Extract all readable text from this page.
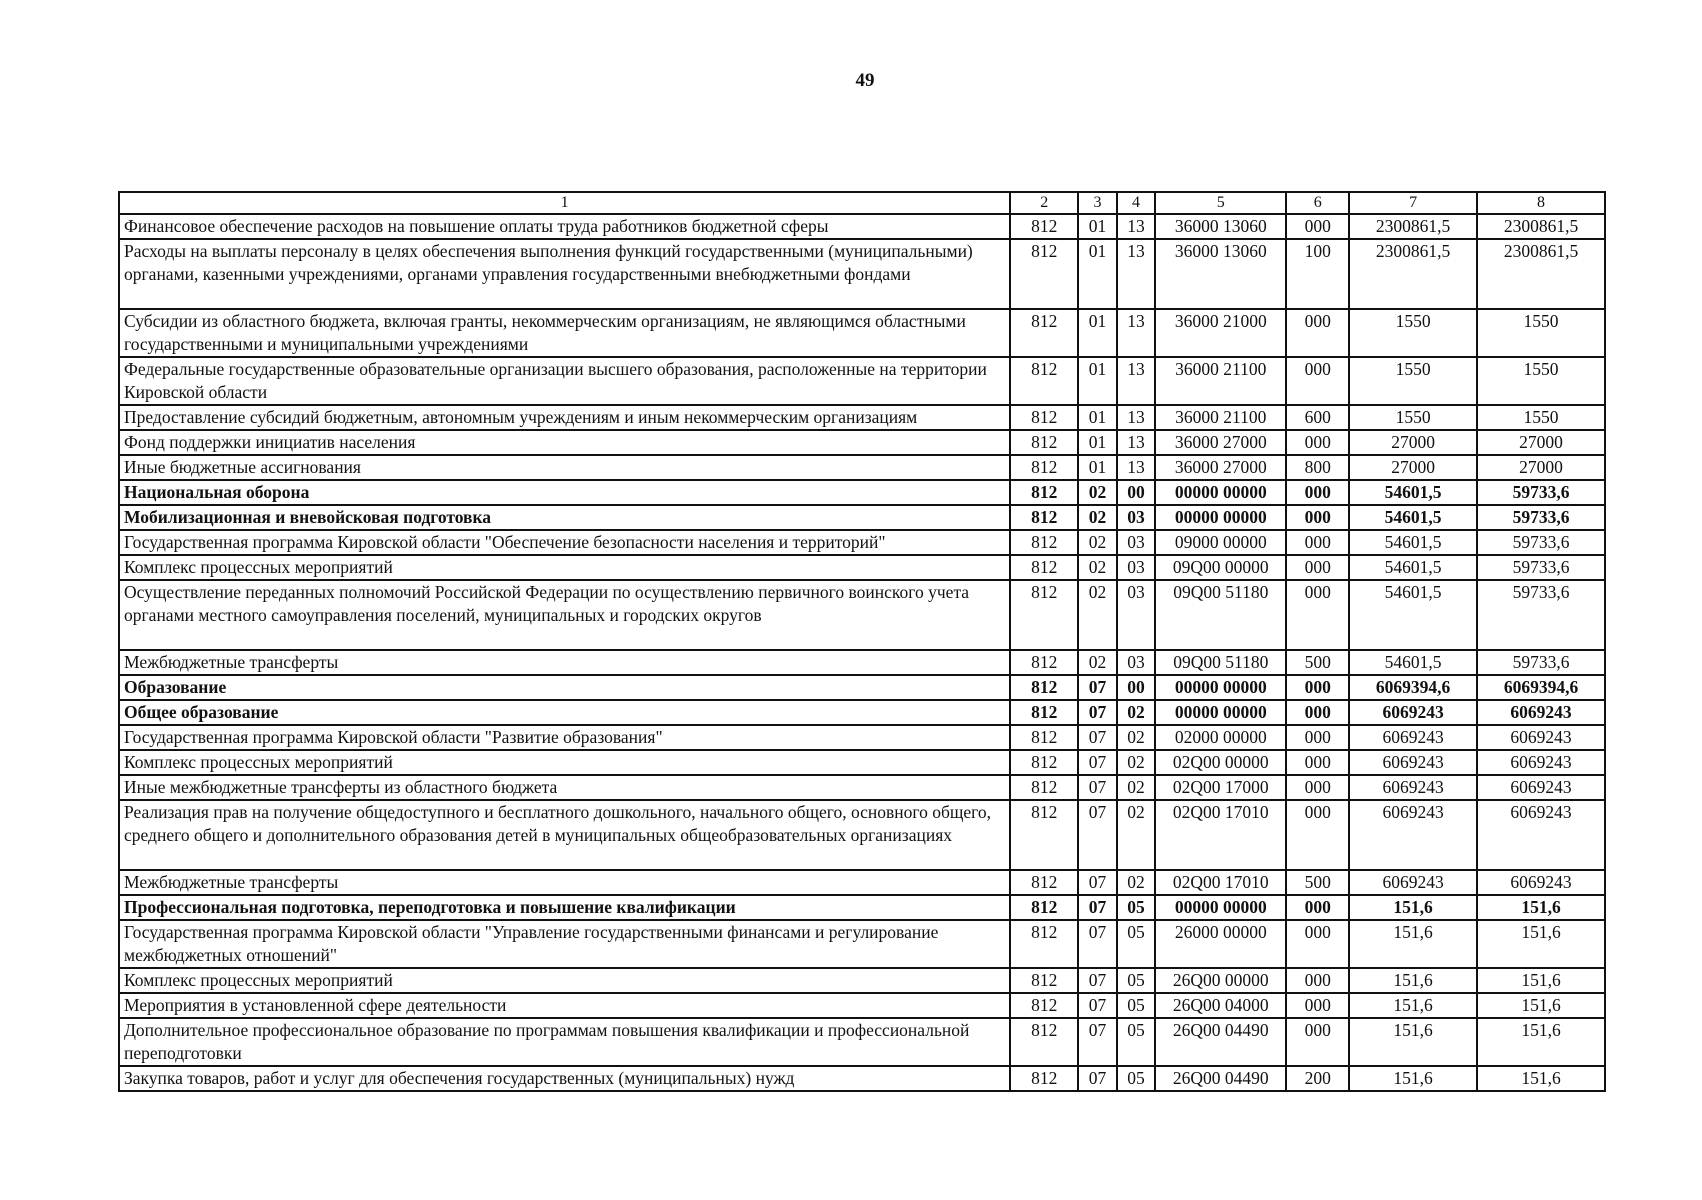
49
1	2	3	4	5	6	7	8
Финансовое обеспечение расходов на повышение оплаты труда работников бюджетной сферы	812	01	13	36000 13060	000	2300861,5	2300861,5
Расходы на выплаты персоналу в целях обеспечения выполнения функций государственными (муниципальными) органами, казенными учреждениями, органами управления государственными внебюджетными фондами	812	01	13	36000 13060	100	2300861,5	2300861,5
Субсидии из областного бюджета, включая гранты, некоммерческим организациям, не являющимся областными государственными и муниципальными учреждениями	812	01	13	36000 21000	000	1550	1550
Федеральные государственные образовательные организации высшего образования, расположенные на территории Кировской области	812	01	13	36000 21100	000	1550	1550
Предоставление субсидий бюджетным, автономным учреждениям и иным некоммерческим организациям	812	01	13	36000 21100	600	1550	1550
Фонд поддержки инициатив населения	812	01	13	36000 27000	000	27000	27000
Иные бюджетные ассигнования	812	01	13	36000 27000	800	27000	27000
Национальная оборона	812	02	00	00000 00000	000	54601,5	59733,6
Мобилизационная и вневойсковая подготовка	812	02	03	00000 00000	000	54601,5	59733,6
Государственная программа Кировской области "Обеспечение безопасности населения и территорий"	812	02	03	09000 00000	000	54601,5	59733,6
Комплекс процессных мероприятий	812	02	03	09Q00 00000	000	54601,5	59733,6
Осуществление переданных полномочий Российской Федерации по осуществлению первичного воинского учета органами местного самоуправления поселений, муниципальных и городских округов	812	02	03	09Q00 51180	000	54601,5	59733,6
Межбюджетные трансферты	812	02	03	09Q00 51180	500	54601,5	59733,6
Образование	812	07	00	00000 00000	000	6069394,6	6069394,6
Общее образование	812	07	02	00000 00000	000	6069243	6069243
Государственная программа Кировской области "Развитие образования"	812	07	02	02000 00000	000	6069243	6069243
Комплекс процессных мероприятий	812	07	02	02Q00 00000	000	6069243	6069243
Иные межбюджетные трансферты из областного бюджета	812	07	02	02Q00 17000	000	6069243	6069243
Реализация прав на получение общедоступного и бесплатного дошкольного, начального общего, основного общего, среднего общего и дополнительного образования детей в муниципальных общеобразовательных организациях	812	07	02	02Q00 17010	000	6069243	6069243
Межбюджетные трансферты	812	07	02	02Q00 17010	500	6069243	6069243
Профессиональная подготовка, переподготовка и повышение квалификации	812	07	05	00000 00000	000	151,6	151,6
Государственная программа Кировской области "Управление государственными финансами и регулирование межбюджетных отношений"	812	07	05	26000 00000	000	151,6	151,6
Комплекс процессных мероприятий	812	07	05	26Q00 00000	000	151,6	151,6
Мероприятия в установленной сфере деятельности	812	07	05	26Q00 04000	000	151,6	151,6
Дополнительное профессиональное образование по программам повышения квалификации и профессиональной переподготовки	812	07	05	26Q00 04490	000	151,6	151,6
Закупка товаров, работ и услуг для обеспечения государственных (муниципальных) нужд	812	07	05	26Q00 04490	200	151,6	151,6
